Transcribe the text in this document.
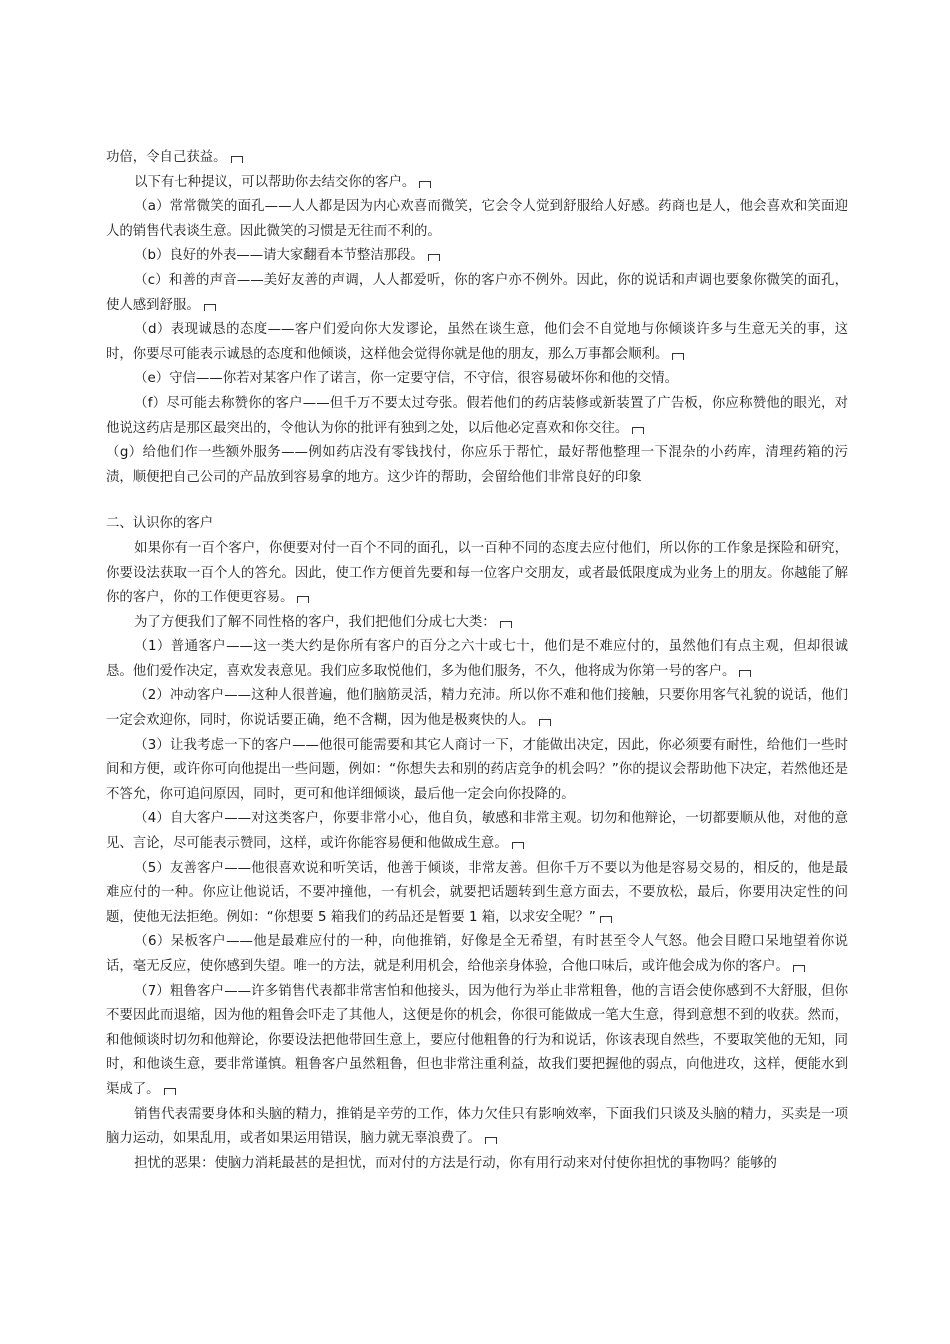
功倍，令自己获益。

以下有七种提议，可以帮助你去结交你的客户。

（a）常常微笑的面孔——人人都是因为内心欢喜而微笑，它会令人觉到舒服给人好感。药商也是人，他会喜欢和笑面迎人的销售代表谈生意。因此微笑的习惯是无往而不利的。

（b）良好的外表——请大家翻看本节整洁那段。

（c）和善的声音——美好友善的声调，人人都爱听，你的客户亦不例外。因此，你的说话和声调也要象你微笑的面孔，使人感到舒服。

（d）表现诚恳的态度——客户们爱向你大发谬论，虽然在谈生意，他们会不自觉地与你倾谈许多与生意无关的事，这时，你要尽可能表示诚恳的态度和他倾谈，这样他会觉得你就是他的朋友，那么万事都会顺利。

（e）守信——你若对某客户作了诺言，你一定要守信，不守信，很容易破坏你和他的交情。

（f）尽可能去称赞你的客户——但千万不要太过夸张。假若他们的药店装修或新装置了广告板，你应称赞他的眼光，对他说这药店是那区最突出的，令他认为你的批评有独到之处，以后他必定喜欢和你交往。

（g）给他们作一些额外服务——例如药店没有零钱找付，你应乐于帮忙，最好帮他整理一下混杂的小药库，清理药箱的污渍，顺便把自己公司的产品放到容易拿的地方。这少许的帮助，会留给他们非常良好的印象

二、认识你的客户

如果你有一百个客户，你便要对付一百个不同的面孔，以一百种不同的态度去应付他们，所以你的工作象是探险和研究，你要设法获取一百个人的答允。因此，使工作方便首先要和每一位客户交朋友，或者最低限度成为业务上的朋友。你越能了解你的客户，你的工作便更容易。

为了方便我们了解不同性格的客户，我们把他们分成七大类：

（1）普通客户——这一类大约是你所有客户的百分之六十或七十，他们是不难应付的，虽然他们有点主观，但却很诚恳。他们爱作决定，喜欢发表意见。我们应多取悦他们，多为他们服务，不久，他将成为你第一号的客户。

（2）冲动客户——这种人很普遍，他们脑筋灵活，精力充沛。所以你不难和他们接触，只要你用客气礼貌的说话，他们一定会欢迎你，同时，你说话要正确，绝不含糊，因为他是极爽快的人。

（3）让我考虑一下的客户——他很可能需要和其它人商讨一下，才能做出决定，因此，你必须要有耐性，给他们一些时间和方便，或许你可向他提出一些问题，例如：“你想失去和别的药店竞争的机会吗？”你的提议会帮助他下决定，若然他还是不答允，你可追问原因，同时，更可和他详细倾谈，最后他一定会向你投降的。

（4）自大客户——对这类客户，你要非常小心，他自负，敏感和非常主观。切勿和他辩论，一切都要顺从他，对他的意见、言论，尽可能表示赞同，这样，或许你能容易便和他做成生意。

（5）友善客户——他很喜欢说和听笑话，他善于倾谈，非常友善。但你千万不要以为他是容易交易的，相反的，他是最难应付的一种。你应让他说话，不要冲撞他，一有机会，就要把话题转到生意方面去，不要放松，最后，你要用决定性的问题，使他无法拒绝。例如：“你想要 5 箱我们的药品还是暂要 1 箱，以求安全呢？”

（6）呆板客户——他是最难应付的一种，向他推销，好像是全无希望，有时甚至令人气怒。他会目瞪口呆地望着你说话，毫无反应，使你感到失望。唯一的方法，就是利用机会，给他亲身体验，合他口味后，或许他会成为你的客户。

（7）粗鲁客户——许多销售代表都非常害怕和他接头，因为他行为举止非常粗鲁，他的言语会使你感到不大舒服，但你不要因此而退缩，因为他的粗鲁会吓走了其他人，这便是你的机会，你很可能做成一笔大生意，得到意想不到的收获。然而，和他倾谈时切勿和他辩论，你要设法把他带回生意上，要应付他粗鲁的行为和说话，你该表现自然些，不要取笑他的无知，同时，和他谈生意，要非常谨慎。粗鲁客户虽然粗鲁，但也非常注重利益，故我们要把握他的弱点，向他进攻，这样，便能水到渠成了。

销售代表需要身体和头脑的精力，推销是辛劳的工作，体力欠佳只有影响效率，下面我们只谈及头脑的精力，买卖是一项脑力运动，如果乱用，或者如果运用错误，脑力就无辜浪费了。

担忧的恶果：使脑力消耗最甚的是担忧，而对付的方法是行动，你有用行动来对付使你担忧的事物吗？能够的
